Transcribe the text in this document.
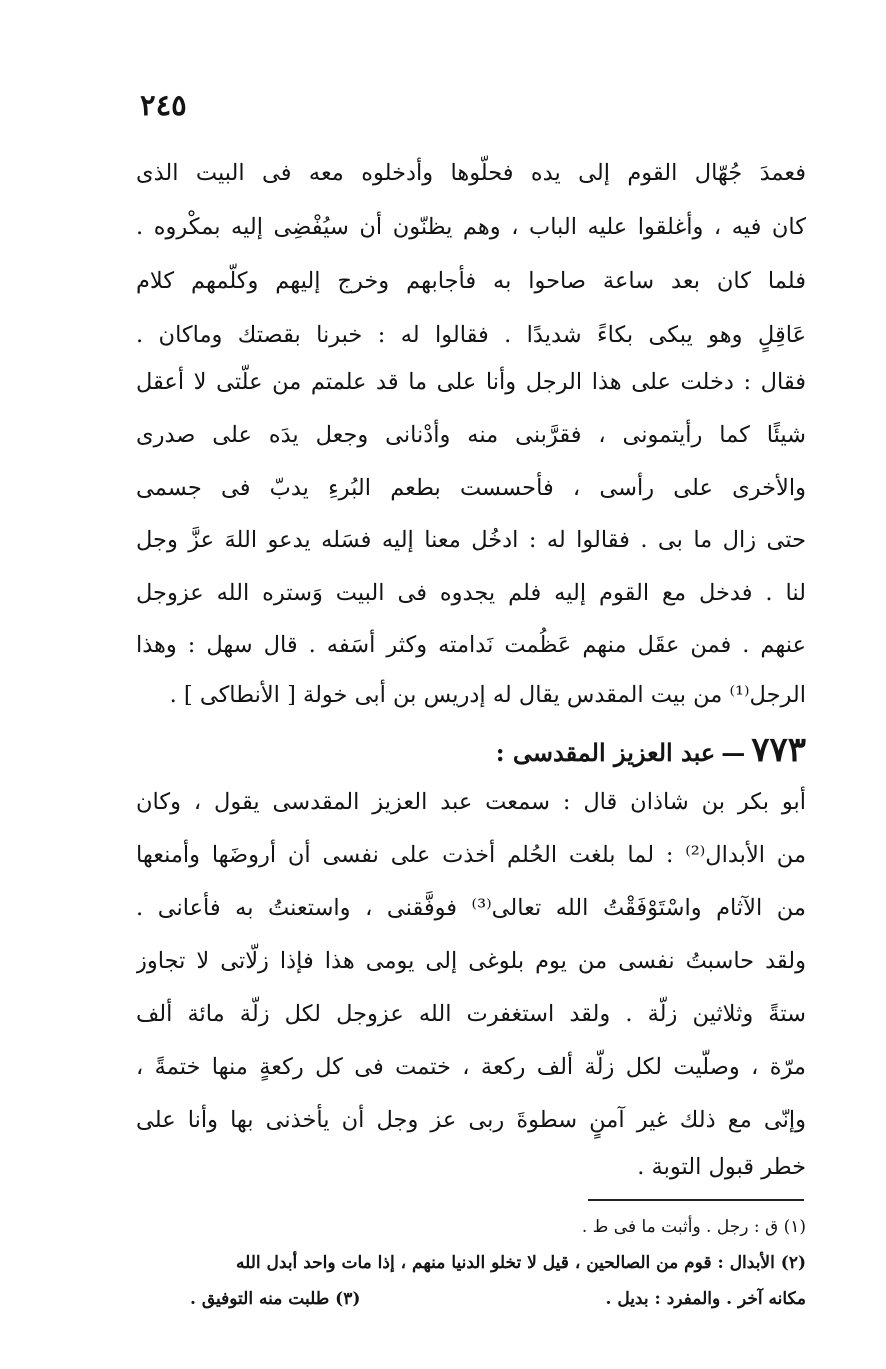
٢٤٥
فعمدَ جُهّال القوم إلى يده فحلّوها وأدخلوه معه فى البيت الذى
كان فيه ، وأغلقوا عليه الباب ، وهم يظنّون أن سيُفْضِى إليه بمكْروه .
فلما كان بعد ساعة صاحوا به فأجابهم وخرج إليهم وكلّمهم كلام
عَاقِلٍ وهو يبكى بكاءً شديدًا . فقالوا له : خبرنا بقصتك وماكان .
فقال : دخلت على هذا الرجل وأنا على ما قد علمتم من علّتى لا أعقل
شيئًا كما رأيتمونى ، فقرَّبنى منه وأدْنانى وجعل يدَه على صدرى
والأخرى على رأسى ، فأحسست بطعم البُرءِ يدبّ فى جسمى
حتى زال ما بى . فقالوا له : ادخُل معنا إليه فسَله يدعو اللهَ عزَّ وجل
لنا . فدخل مع القوم إليه فلم يجدوه فى البيت وَستره الله عزوجل
عنهم . فمن عقَل منهم عَظُمت نَدامته وكثر أسَفه . قال سهل : وهذا
الرجل⁽¹⁾ من بيت المقدس يقال له إدريس بن أبى خولة [ الأنطاكى ] .
٧٧٣—عبد العزيز المقدسى :
أبو بكر بن شاذان قال : سمعت عبد العزيز المقدسى يقول ، وكان
من الأبدال⁽²⁾ : لما بلغت الحُلم أخذت على نفسى أن أروضَها وأمنعها
من الآثام واسْتَوْفَقْتُ الله تعالى⁽³⁾ فوفَّقنى ، واستعنتُ به فأعانى .
ولقد حاسبتُ نفسى من يوم بلوغى إلى يومى هذا فإذا زلّاتى لا تجاوز
ستةً وثلاثين زلّة . ولقد استغفرت الله عزوجل لكل زلّة مائة ألف
مرّة ، وصلّيت لكل زلّة ألف ركعة ، ختمت فى كل ركعةٍ منها ختمةً ،
وإنّى مع ذلك غير آمنٍ سطوةَ ربى عز وجل أن يأخذنى بها وأنا على
خطر قبول التوبة .
(١) ق : رجل . وأثبت ما فى ط .
(٢) الأبدال : قوم من الصالحين ، قيل لا تخلو الدنيا منهم ، إذا مات واحد أبدل الله
مكانه آخر . والمفرد : بديل .
(٣) طلبت منه التوفيق .
